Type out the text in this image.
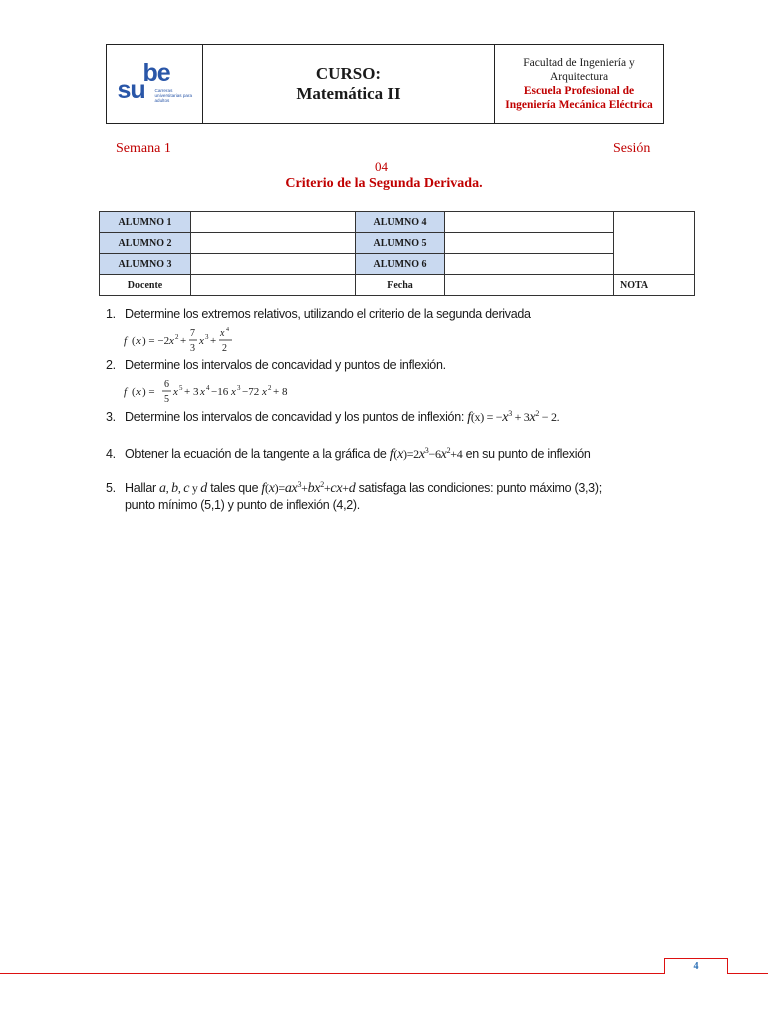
be
su Carreras universitarias para adultos
CURSO:
Matemática II
Facultad de Ingeniería y Arquitectura
Escuela Profesional de Ingeniería Mecánica Eléctrica
Semana 1	Sesión
04
Criterio de la Segunda Derivada.
ALUMNO 1		ALUMNO 4		
ALUMNO 2		ALUMNO 5		
ALUMNO 3		ALUMNO 6		
Docente		Fecha		NOTA
1. Determine los extremos relativos, utilizando el criterio de la segunda derivada
f ( x ) = −2 x 2 +
7
3
x 3 +
x 4
2
2. Determine los intervalos de concavidad y puntos de inflexión.
f ( x ) =
6
5
x 5 + 3 x 4 −16 x 3 −72 x 2 + 8
3. Determine los intervalos de concavidad y los puntos de inflexión: $f(x) = -x^3 + 3x^2 - 2$.
4. Obtener la ecuación de la tangente a la gráfica de $f(x)=2x^3-6x^2+4$ en su punto de inflexión
5. Hallar a, b, c y d tales que $f(x)=ax^3+bx^2+cx+d$ satisfaga las condiciones: punto máximo (3,3);
punto mínimo (5,1) y punto de inflexión (4,2).
4
